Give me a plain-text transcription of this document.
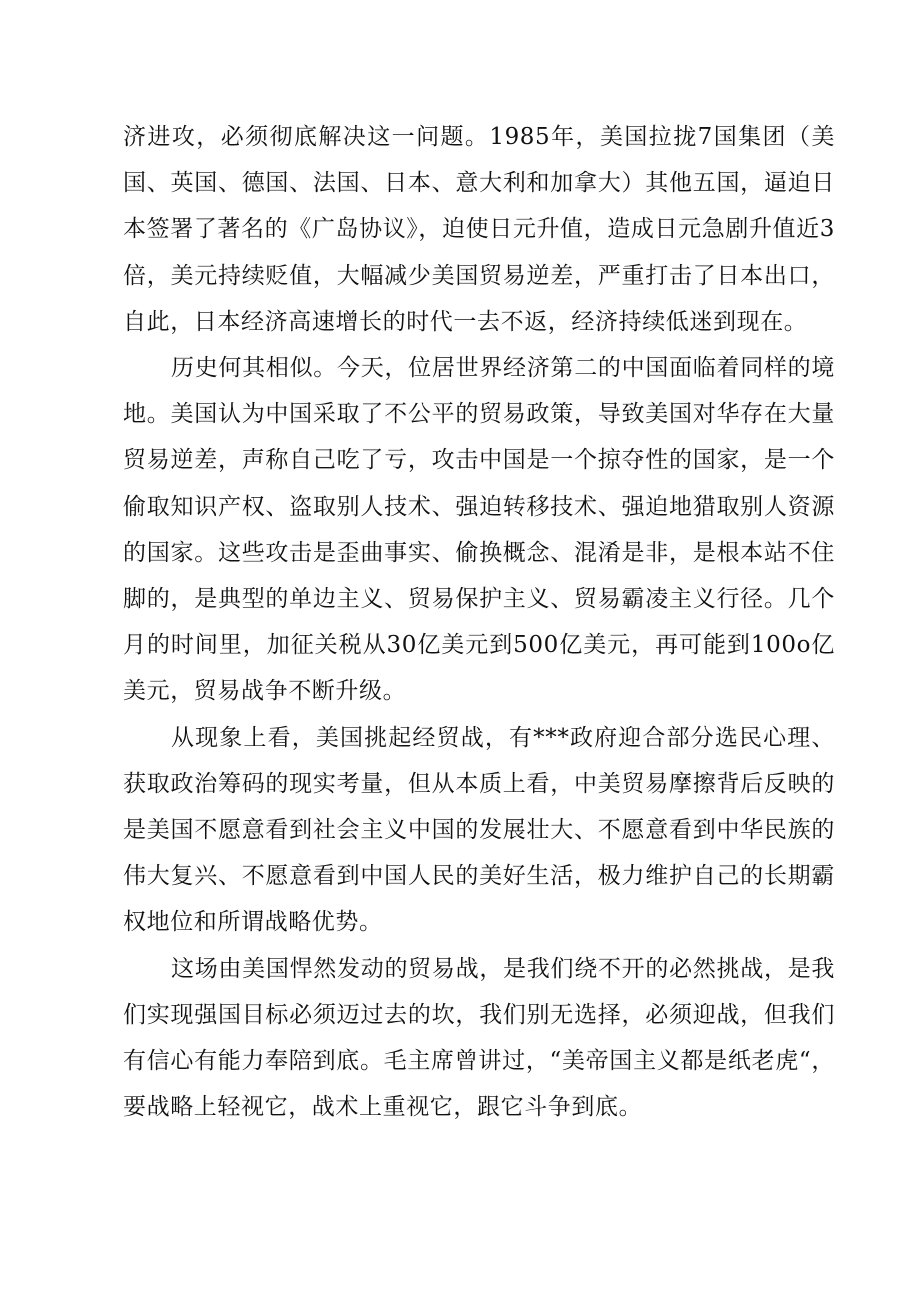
济进攻，必须彻底解决这一问题。1985年，美国拉拢7国集团（美国、英国、德国、法国、日本、意大利和加拿大）其他五国，逼迫日本签署了著名的《广岛协议》，迫使日元升值，造成日元急剧升值近3倍，美元持续贬值，大幅减少美国贸易逆差，严重打击了日本出口，自此，日本经济高速增长的时代一去不返，经济持续低迷到现在。

历史何其相似。今天，位居世界经济第二的中国面临着同样的境地。美国认为中国采取了不公平的贸易政策，导致美国对华存在大量贸易逆差，声称自己吃了亏，攻击中国是一个掠夺性的国家，是一个偷取知识产权、盗取别人技术、强迫转移技术、强迫地猎取别人资源的国家。这些攻击是歪曲事实、偷换概念、混淆是非，是根本站不住脚的，是典型的单边主义、贸易保护主义、贸易霸凌主义行径。几个月的时间里，加征关税从30亿美元到500亿美元，再可能到100o亿美元，贸易战争不断升级。

从现象上看，美国挑起经贸战，有***政府迎合部分选民心理、获取政治筹码的现实考量，但从本质上看，中美贸易摩擦背后反映的是美国不愿意看到社会主义中国的发展壮大、不愿意看到中华民族的伟大复兴、不愿意看到中国人民的美好生活，极力维护自己的长期霸权地位和所谓战略优势。

这场由美国悍然发动的贸易战，是我们绕不开的必然挑战，是我们实现强国目标必须迈过去的坎，我们别无选择，必须迎战，但我们有信心有能力奉陪到底。毛主席曾讲过，“美帝国主义都是纸老虎“，要战略上轻视它，战术上重视它，跟它斗争到底。
